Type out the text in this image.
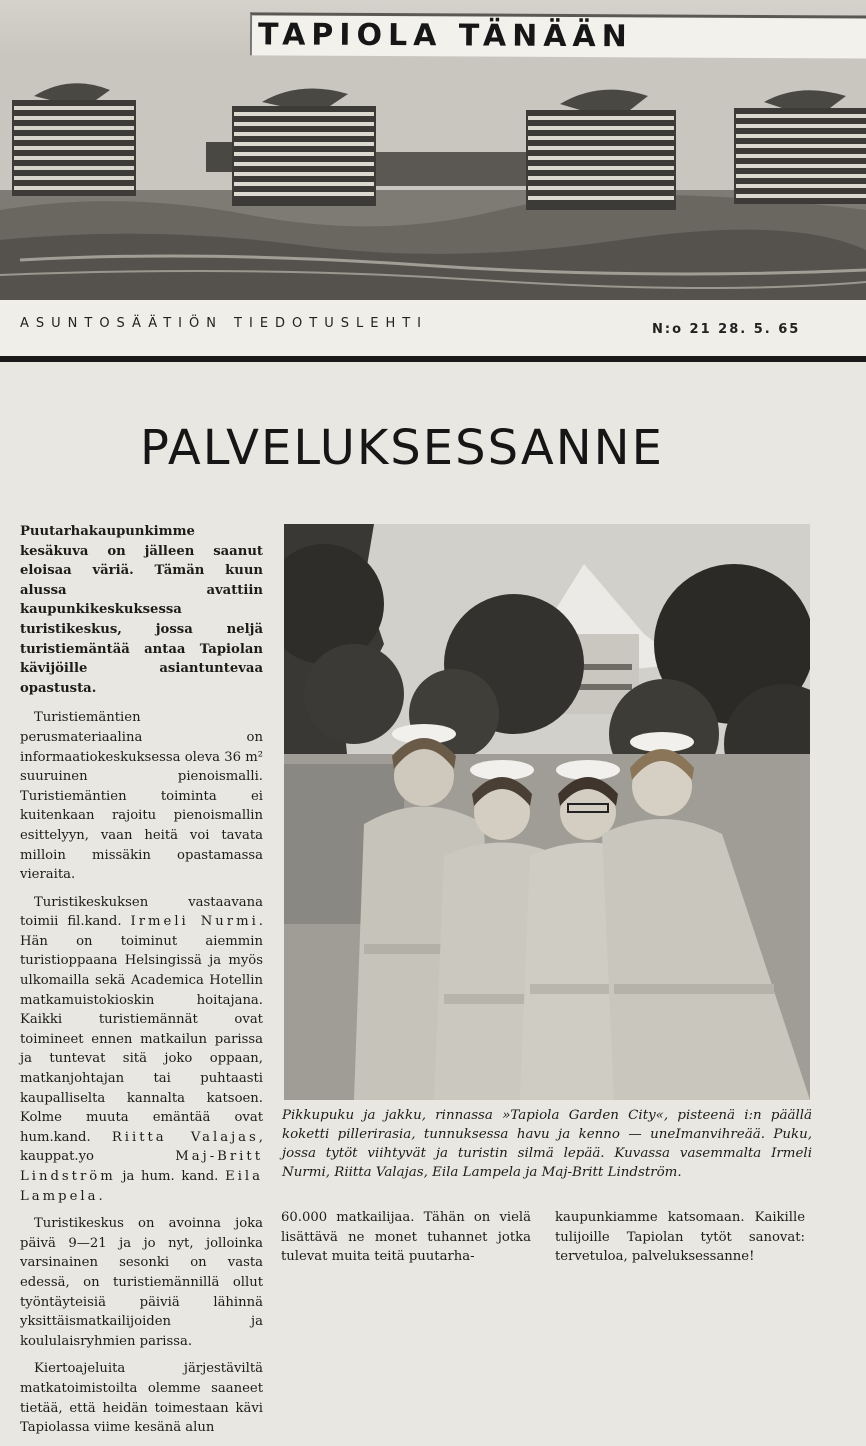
TAPIOLA TÄNÄÄN
ASUNTOSÄÄTIÖN TIEDOTUSLEHTI	N:o 21 28. 5. 65
PALVELUKSESSANNE

Puutarhakaupunkimme kesäkuva on jälleen saanut eloisaa väriä. Tämän kuun alussa avattiin kaupunkikeskuksessa turistikeskus, jossa neljä turistiemäntää antaa Tapiolan kävijöille asiantuntevaa opastusta.

Turistiemäntien perusmateriaalina on informaatiokeskuksessa oleva 36 m² suuruinen pienoismalli. Turistiemäntien toiminta ei kuitenkaan rajoitu pienoismallin esittelyyn, vaan heitä voi tavata milloin missäkin opastamassa vieraita.

Turistikeskuksen vastaavana toimii fil.kand. Irmeli Nurmi. Hän on toiminut aiemmin turistioppaana Helsingissä ja myös ulkomailla sekä Academica Hotellin matkamuistokioskin hoitajana. Kaikki turistiemännät ovat toimineet ennen matkailun parissa ja tuntevat sitä joko oppaan, matkanjohtajan tai puhtaasti kaupalliselta kannalta katsoen. Kolme muuta emäntää ovat hum.kand. Riitta Valajas, kauppat.yo Maj-Britt Lindström ja hum. kand. Eila Lampela.

Turistikeskus on avoinna joka päivä 9—21 ja jo nyt, jolloinka varsinainen sesonki on vasta edessä, on turistiemännillä ollut työntäyteisiä päiviä lähinnä yksittäismatkailijoiden ja koululaisryhmien parissa.

Kiertoajeluita järjestäviltä matkatoimistoilta olemme saaneet tietää, että heidän toimestaan kävi Tapiolassa viime kesänä alun

Pikkupuku ja jakku, rinnassa »Tapiola Garden City«, pisteenä i:n päällä koketti pillerirasia, tunnuksessa havu ja kenno — uneImanvihreää. Puku, jossa tytöt viihtyvät ja turistin silmä lepää. Kuvassa vasemmalta Irmeli Nurmi, Riitta Valajas, Eila Lampela ja Maj-Britt Lindström.

60.000 matkailijaa. Tähän on vielä lisättävä ne monet tuhannet jotka tulevat muita teitä puutarha-

kaupunkiamme katsomaan. Kaikille tulijoille Tapiolan tytöt sanovat: tervetuloa, palveluksessanne!
